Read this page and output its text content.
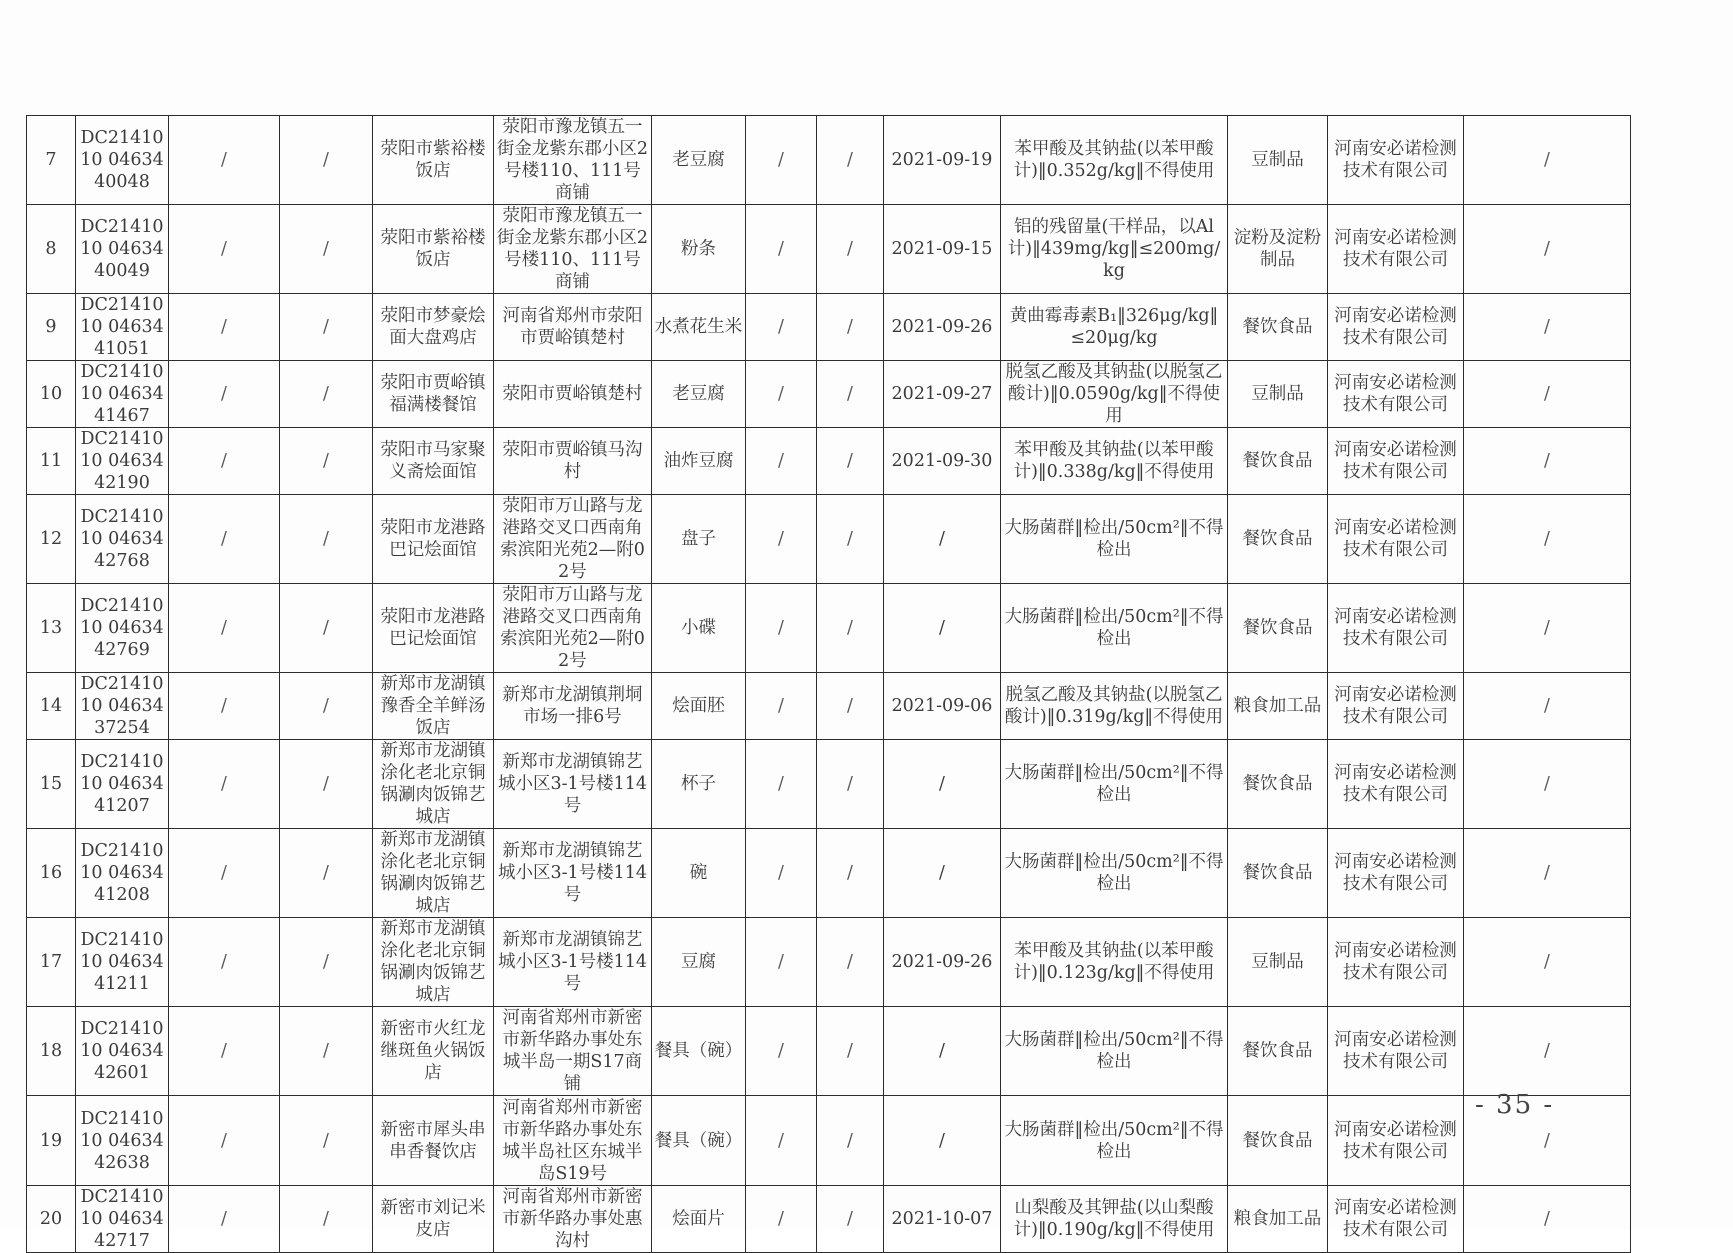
7	DC2141010 0463440048	/	/	荥阳市紫裕楼饭店	荥阳市豫龙镇五一街金龙紫东郡小区2号楼110、111号商铺	老豆腐	/	/	2021-09-19	苯甲酸及其钠盐(以苯甲酸计)‖0.352g/kg‖不得使用	豆制品	河南安必诺检测技术有限公司	/
8	DC2141010 0463440049	/	/	荥阳市紫裕楼饭店	荥阳市豫龙镇五一街金龙紫东郡小区2号楼110、111号商铺	粉条	/	/	2021-09-15	铝的残留量(干样品，以Al计)‖439mg/kg‖≤200mg/kg	淀粉及淀粉制品	河南安必诺检测技术有限公司	/
9	DC2141010 0463441051	/	/	荥阳市梦豪烩面大盘鸡店	河南省郑州市荥阳市贾峪镇楚村	水煮花生米	/	/	2021-09-26	黄曲霉毒素B₁‖326μg/kg‖≤20μg/kg	餐饮食品	河南安必诺检测技术有限公司	/
10	DC2141010 0463441467	/	/	荥阳市贾峪镇福满楼餐馆	荥阳市贾峪镇楚村	老豆腐	/	/	2021-09-27	脱氢乙酸及其钠盐(以脱氢乙酸计)‖0.0590g/kg‖不得使用	豆制品	河南安必诺检测技术有限公司	/
11	DC2141010 0463442190	/	/	荥阳市马家聚义斋烩面馆	荥阳市贾峪镇马沟村	油炸豆腐	/	/	2021-09-30	苯甲酸及其钠盐(以苯甲酸计)‖0.338g/kg‖不得使用	餐饮食品	河南安必诺检测技术有限公司	/
12	DC2141010 0463442768	/	/	荥阳市龙港路巴记烩面馆	荥阳市万山路与龙港路交叉口西南角索滨阳光苑2—附02号	盘子	/	/	/	大肠菌群‖检出/50cm²‖不得检出	餐饮食品	河南安必诺检测技术有限公司	/
13	DC2141010 0463442769	/	/	荥阳市龙港路巴记烩面馆	荥阳市万山路与龙港路交叉口西南角索滨阳光苑2—附02号	小碟	/	/	/	大肠菌群‖检出/50cm²‖不得检出	餐饮食品	河南安必诺检测技术有限公司	/
14	DC2141010 0463437254	/	/	新郑市龙湖镇豫香全羊鲜汤饭店	新郑市龙湖镇荆垌市场一排6号	烩面胚	/	/	2021-09-06	脱氢乙酸及其钠盐(以脱氢乙酸计)‖0.319g/kg‖不得使用	粮食加工品	河南安必诺检测技术有限公司	/
15	DC2141010 0463441207	/	/	新郑市龙湖镇涂化老北京铜锅涮肉饭锦艺城店	新郑市龙湖镇锦艺城小区3-1号楼114号	杯子	/	/	/	大肠菌群‖检出/50cm²‖不得检出	餐饮食品	河南安必诺检测技术有限公司	/
16	DC2141010 0463441208	/	/	新郑市龙湖镇涂化老北京铜锅涮肉饭锦艺城店	新郑市龙湖镇锦艺城小区3-1号楼114号	碗	/	/	/	大肠菌群‖检出/50cm²‖不得检出	餐饮食品	河南安必诺检测技术有限公司	/
17	DC2141010 0463441211	/	/	新郑市龙湖镇涂化老北京铜锅涮肉饭锦艺城店	新郑市龙湖镇锦艺城小区3-1号楼114号	豆腐	/	/	2021-09-26	苯甲酸及其钠盐(以苯甲酸计)‖0.123g/kg‖不得使用	豆制品	河南安必诺检测技术有限公司	/
18	DC2141010 0463442601	/	/	新密市火红龙继斑鱼火锅饭店	河南省郑州市新密市新华路办事处东城半岛一期S17商铺	餐具（碗）	/	/	/	大肠菌群‖检出/50cm²‖不得检出	餐饮食品	河南安必诺检测技术有限公司	/
19	DC2141010 0463442638	/	/	新密市犀头串串香餐饮店	河南省郑州市新密市新华路办事处东城半岛社区东城半岛S19号	餐具（碗）	/	/	/	大肠菌群‖检出/50cm²‖不得检出	餐饮食品	河南安必诺检测技术有限公司	/
20	DC2141010 0463442717	/	/	新密市刘记米皮店	河南省郑州市新密市新华路办事处惠沟村	烩面片	/	/	2021-10-07	山梨酸及其钾盐(以山梨酸计)‖0.190g/kg‖不得使用	粮食加工品	河南安必诺检测技术有限公司	/
- 35 -
